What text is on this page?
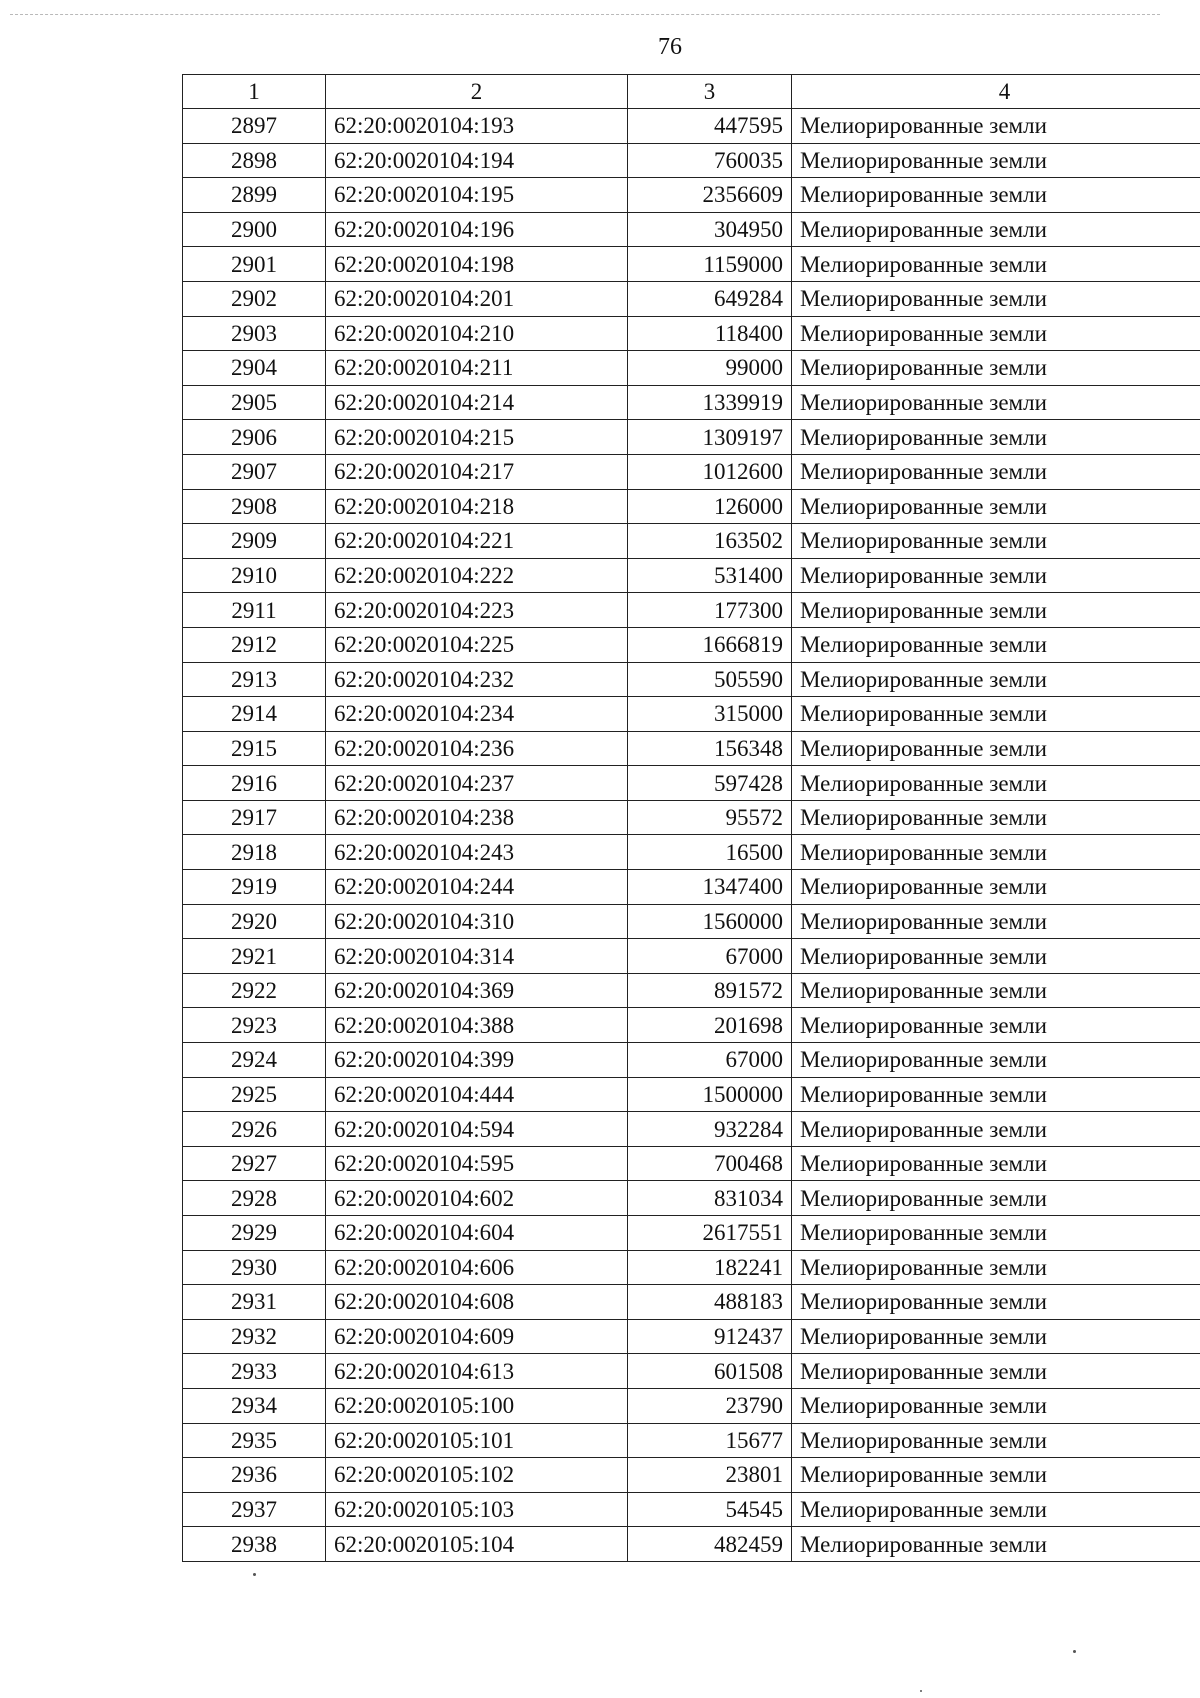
76
1	2	3	4
2897	62:20:0020104:193	447595	Мелиорированные земли
2898	62:20:0020104:194	760035	Мелиорированные земли
2899	62:20:0020104:195	2356609	Мелиорированные земли
2900	62:20:0020104:196	304950	Мелиорированные земли
2901	62:20:0020104:198	1159000	Мелиорированные земли
2902	62:20:0020104:201	649284	Мелиорированные земли
2903	62:20:0020104:210	118400	Мелиорированные земли
2904	62:20:0020104:211	99000	Мелиорированные земли
2905	62:20:0020104:214	1339919	Мелиорированные земли
2906	62:20:0020104:215	1309197	Мелиорированные земли
2907	62:20:0020104:217	1012600	Мелиорированные земли
2908	62:20:0020104:218	126000	Мелиорированные земли
2909	62:20:0020104:221	163502	Мелиорированные земли
2910	62:20:0020104:222	531400	Мелиорированные земли
2911	62:20:0020104:223	177300	Мелиорированные земли
2912	62:20:0020104:225	1666819	Мелиорированные земли
2913	62:20:0020104:232	505590	Мелиорированные земли
2914	62:20:0020104:234	315000	Мелиорированные земли
2915	62:20:0020104:236	156348	Мелиорированные земли
2916	62:20:0020104:237	597428	Мелиорированные земли
2917	62:20:0020104:238	95572	Мелиорированные земли
2918	62:20:0020104:243	16500	Мелиорированные земли
2919	62:20:0020104:244	1347400	Мелиорированные земли
2920	62:20:0020104:310	1560000	Мелиорированные земли
2921	62:20:0020104:314	67000	Мелиорированные земли
2922	62:20:0020104:369	891572	Мелиорированные земли
2923	62:20:0020104:388	201698	Мелиорированные земли
2924	62:20:0020104:399	67000	Мелиорированные земли
2925	62:20:0020104:444	1500000	Мелиорированные земли
2926	62:20:0020104:594	932284	Мелиорированные земли
2927	62:20:0020104:595	700468	Мелиорированные земли
2928	62:20:0020104:602	831034	Мелиорированные земли
2929	62:20:0020104:604	2617551	Мелиорированные земли
2930	62:20:0020104:606	182241	Мелиорированные земли
2931	62:20:0020104:608	488183	Мелиорированные земли
2932	62:20:0020104:609	912437	Мелиорированные земли
2933	62:20:0020104:613	601508	Мелиорированные земли
2934	62:20:0020105:100	23790	Мелиорированные земли
2935	62:20:0020105:101	15677	Мелиорированные земли
2936	62:20:0020105:102	23801	Мелиорированные земли
2937	62:20:0020105:103	54545	Мелиорированные земли
2938	62:20:0020105:104	482459	Мелиорированные земли
